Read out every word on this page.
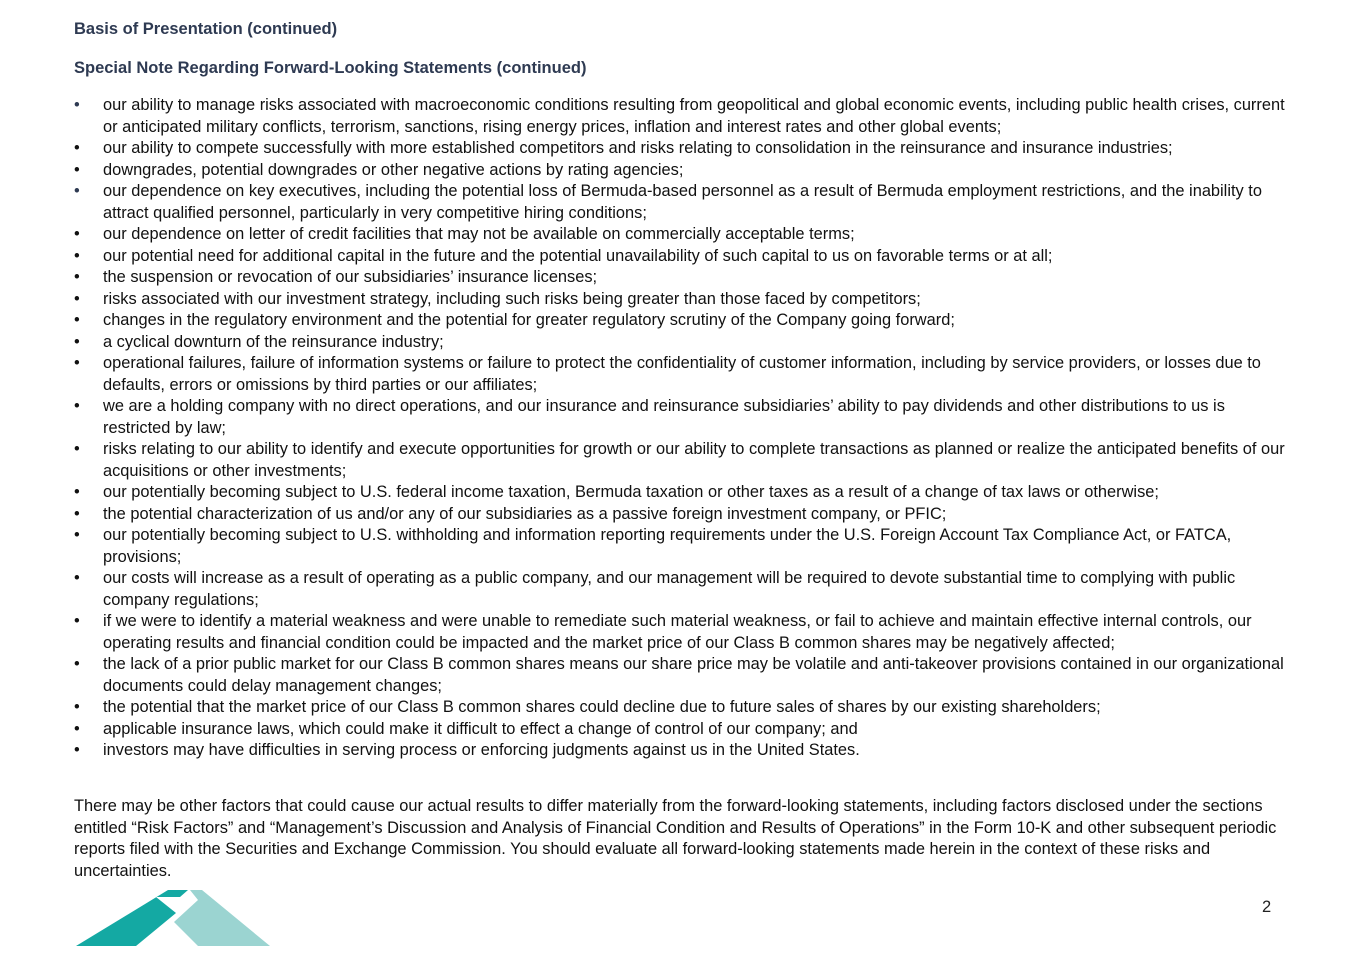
Basis of Presentation (continued)
Special Note Regarding Forward-Looking Statements (continued)
• our ability to manage risks associated with macroeconomic conditions resulting from geopolitical and global economic events, including public health crises, current or anticipated military conflicts, terrorism, sanctions, rising energy prices, inflation and interest rates and other global events;
• our ability to compete successfully with more established competitors and risks relating to consolidation in the reinsurance and insurance industries;
• downgrades, potential downgrades or other negative actions by rating agencies;
• our dependence on key executives, including the potential loss of Bermuda-based personnel as a result of Bermuda employment restrictions, and the inability to attract qualified personnel, particularly in very competitive hiring conditions;
• our dependence on letter of credit facilities that may not be available on commercially acceptable terms;
• our potential need for additional capital in the future and the potential unavailability of such capital to us on favorable terms or at all;
• the suspension or revocation of our subsidiaries’ insurance licenses;
• risks associated with our investment strategy, including such risks being greater than those faced by competitors;
• changes in the regulatory environment and the potential for greater regulatory scrutiny of the Company going forward;
• a cyclical downturn of the reinsurance industry;
• operational failures, failure of information systems or failure to protect the confidentiality of customer information, including by service providers, or losses due to defaults, errors or omissions by third parties or our affiliates;
• we are a holding company with no direct operations, and our insurance and reinsurance subsidiaries’ ability to pay dividends and other distributions to us is restricted by law;
• risks relating to our ability to identify and execute opportunities for growth or our ability to complete transactions as planned or realize the anticipated benefits of our acquisitions or other investments;
• our potentially becoming subject to U.S. federal income taxation, Bermuda taxation or other taxes as a result of a change of tax laws or otherwise;
• the potential characterization of us and/or any of our subsidiaries as a passive foreign investment company, or PFIC;
• our potentially becoming subject to U.S. withholding and information reporting requirements under the U.S. Foreign Account Tax Compliance Act, or FATCA, provisions;
• our costs will increase as a result of operating as a public company, and our management will be required to devote substantial time to complying with public company regulations;
• if we were to identify a material weakness and were unable to remediate such material weakness, or fail to achieve and maintain effective internal controls, our operating results and financial condition could be impacted and the market price of our Class B common shares may be negatively affected;
• the lack of a prior public market for our Class B common shares means our share price may be volatile and anti-takeover provisions contained in our organizational documents could delay management changes;
• the potential that the market price of our Class B common shares could decline due to future sales of shares by our existing shareholders;
• applicable insurance laws, which could make it difficult to effect a change of control of our company; and
• investors may have difficulties in serving process or enforcing judgments against us in the United States.

There may be other factors that could cause our actual results to differ materially from the forward-looking statements, including factors disclosed under the sections entitled “Risk Factors” and “Management’s Discussion and Analysis of Financial Condition and Results of Operations” in the Form 10-K and other subsequent periodic reports filed with the Securities and Exchange Commission. You should evaluate all forward-looking statements made herein in the context of these risks and uncertainties.

2
